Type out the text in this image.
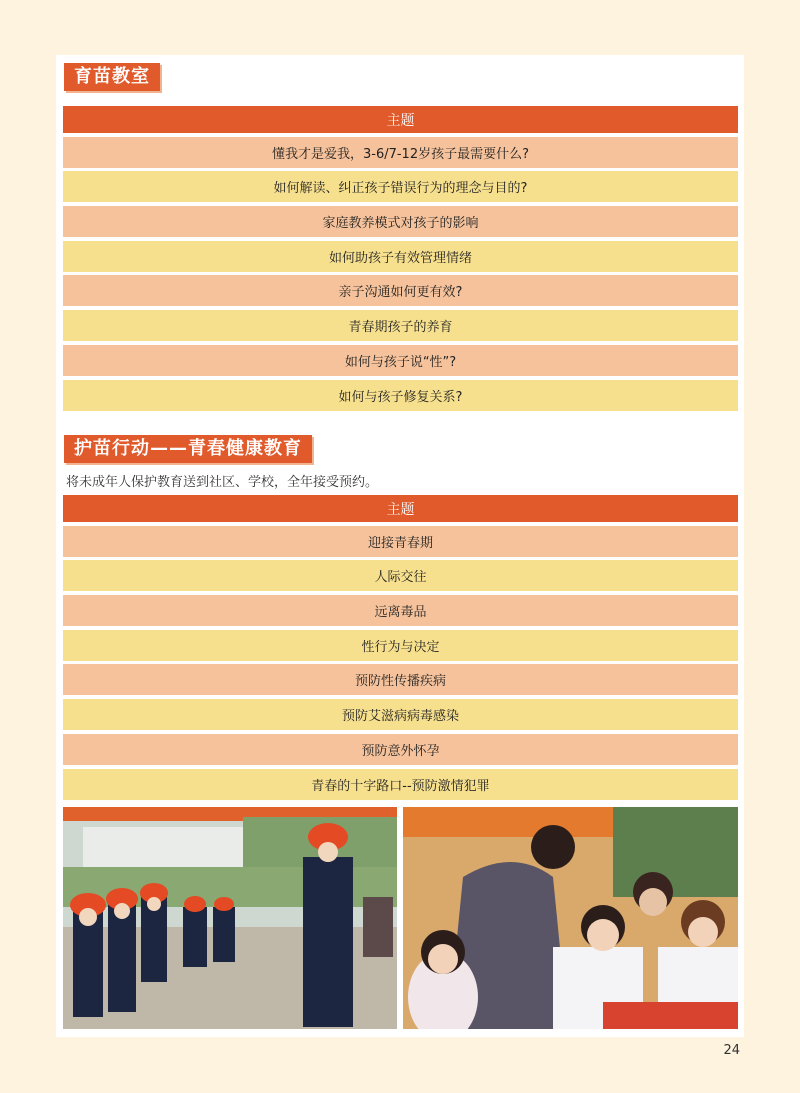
育苗教室
主题
懂我才是爱我，3-6/7-12岁孩子最需要什么?
如何解读、纠正孩子错误行为的理念与目的?
家庭教养模式对孩子的影响
如何助孩子有效管理情绪
亲子沟通如何更有效?
青春期孩子的养育
如何与孩子说“性”?
如何与孩子修复关系?
护苗行动——青春健康教育
将未成年人保护教育送到社区、学校，全年接受预约。
主题
迎接青春期
人际交往
远离毒品
性行为与决定
预防性传播疾病
预防艾滋病病毒感染
预防意外怀孕
青春的十字路口--预防激情犯罪
24
